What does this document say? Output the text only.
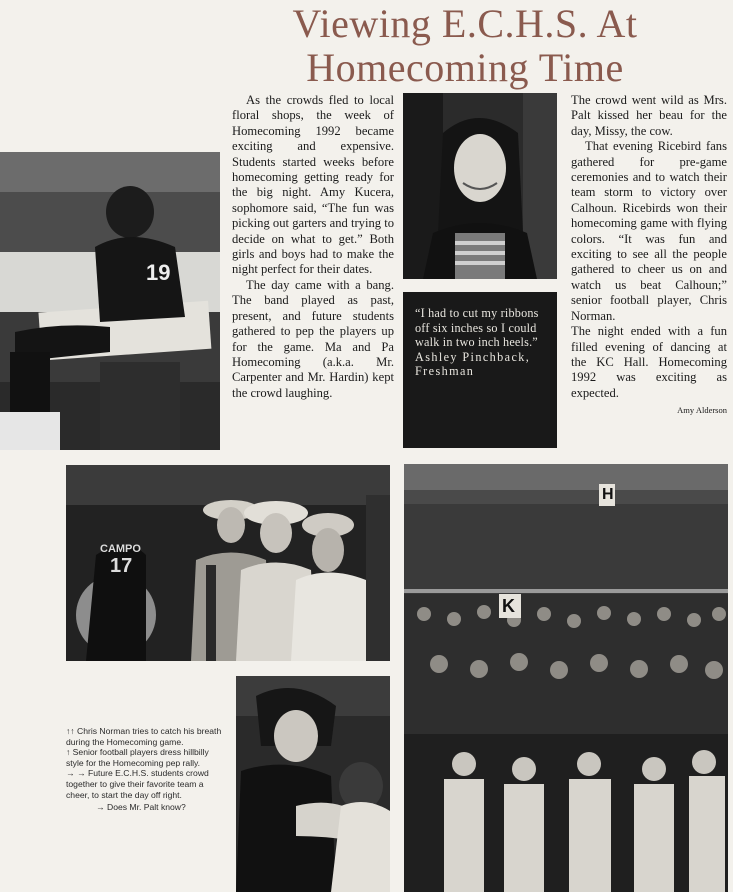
Viewing E.C.H.S. At
Homecoming Time
19

As the crowds fled to local floral shops, the week of Homecoming 1992 became exciting and expensive. Students started weeks before homecoming getting ready for the big night. Amy Kucera, sophomore said, “The fun was picking out garters and trying to decide on what to get.” Both girls and boys had to make the night perfect for their dates.

The day came with a bang. The band played as past, present, and future students gathered to pep the players up for the game. Ma and Pa Homecoming (a.k.a. Mr. Carpenter and Mr. Hardin) kept the crowd laughing.

“I had to cut my ribbons off six inches so I could walk in two inch heels.”

Ashley Pinchback,

Freshman

The crowd went wild as Mrs. Palt kissed her beau for the day, Missy, the cow.

That evening Ricebird fans gathered for pre-game ceremonies and to watch their team storm to victory over Calhoun. Ricebirds won their homecoming game with flying colors. “It was fun and exciting to see all the people gathered to cheer us on and watch us beat Calhoun;” senior football player, Chris Norman.

The night ended with a fun filled evening of dancing at the KC Hall. Homecoming 1992 was exciting as expected.

Amy Alderson
CAMPO
17
H
K

↑↑ Chris Norman tries to catch his breath during the Homecoming game.

↑ Senior football players dress hillbilly style for the Homecoming pep rally.

→ → Future E.C.H.S. students crowd together to give their favorite team a cheer, to start the day off right.

→ Does Mr. Palt know?
